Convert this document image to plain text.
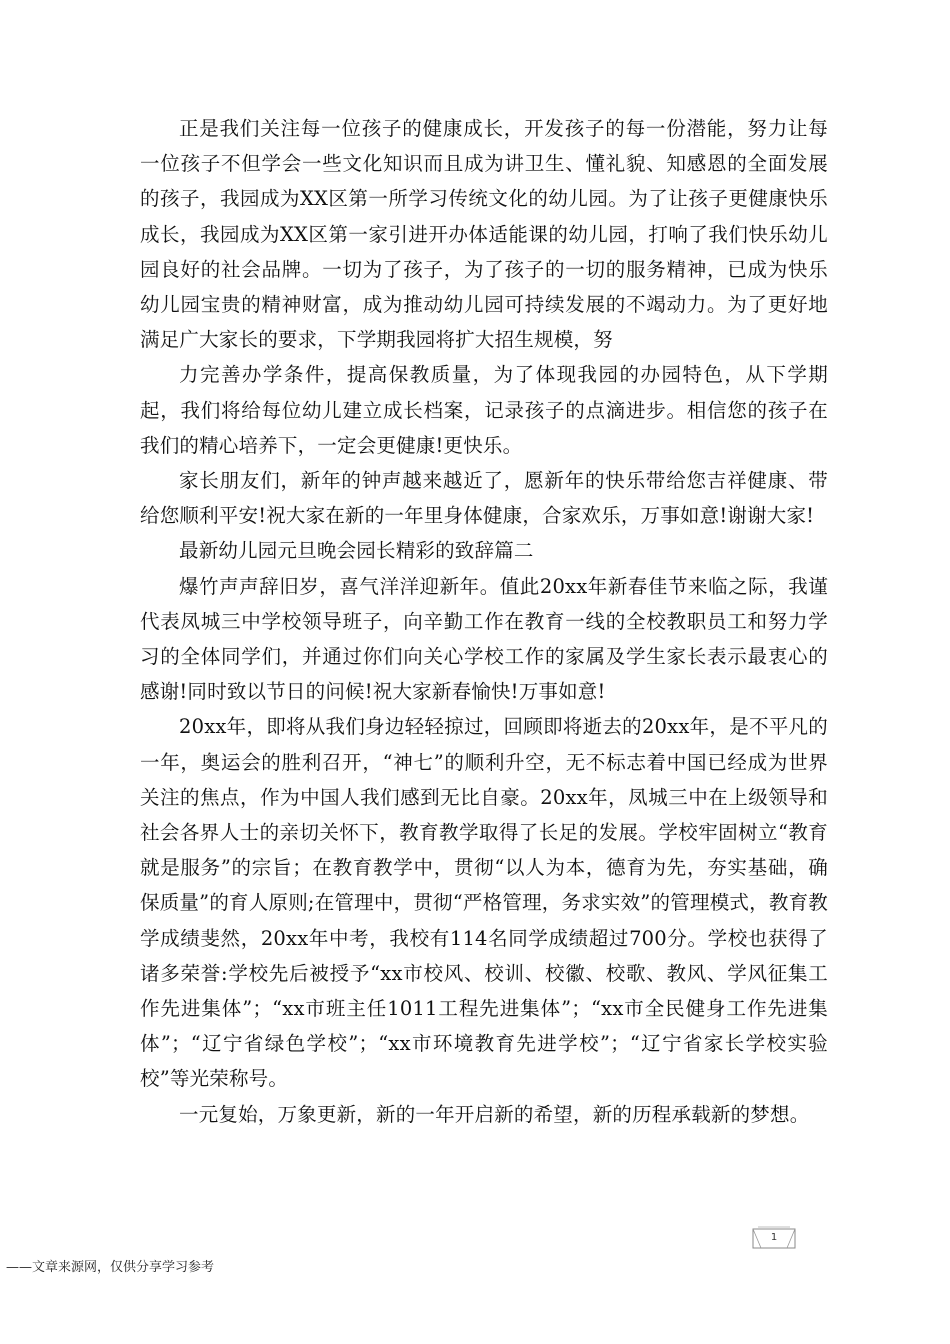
正是我们关注每一位孩子的健康成长，开发孩子的每一份潜能，努力让每一位孩子不但学会一些文化知识而且成为讲卫生、懂礼貌、知感恩的全面发展的孩子，我园成为XX区第一所学习传统文化的幼儿园。为了让孩子更健康快乐成长，我园成为XX区第一家引进开办体适能课的幼儿园，打响了我们快乐幼儿园良好的社会品牌。一切为了孩子，为了孩子的一切的服务精神，已成为快乐幼儿园宝贵的精神财富，成为推动幼儿园可持续发展的不竭动力。为了更好地满足广大家长的要求，下学期我园将扩大招生规模，努

力完善办学条件，提高保教质量，为了体现我园的办园特色，从下学期起，我们将给每位幼儿建立成长档案，记录孩子的点滴进步。相信您的孩子在我们的精心培养下，一定会更健康!更快乐。

家长朋友们，新年的钟声越来越近了，愿新年的快乐带给您吉祥健康、带给您顺利平安!祝大家在新的一年里身体健康，合家欢乐，万事如意!谢谢大家!

最新幼儿园元旦晚会园长精彩的致辞篇二

爆竹声声辞旧岁，喜气洋洋迎新年。值此20xx年新春佳节来临之际，我谨代表凤城三中学校领导班子，向辛勤工作在教育一线的全校教职员工和努力学习的全体同学们，并通过你们向关心学校工作的家属及学生家长表示最衷心的感谢!同时致以节日的问候!祝大家新春愉快!万事如意!

20xx年，即将从我们身边轻轻掠过，回顾即将逝去的20xx年，是不平凡的一年，奥运会的胜利召开，“神七”的顺利升空，无不标志着中国已经成为世界关注的焦点，作为中国人我们感到无比自豪。20xx年，凤城三中在上级领导和社会各界人士的亲切关怀下，教育教学取得了长足的发展。学校牢固树立“教育就是服务”的宗旨；在教育教学中，贯彻“以人为本，德育为先，夯实基础，确保质量”的育人原则;在管理中，贯彻“严格管理，务求实效”的管理模式，教育教学成绩斐然，20xx年中考，我校有114名同学成绩超过700分。学校也获得了诸多荣誉:学校先后被授予“xx市校风、校训、校徽、校歌、教风、学风征集工作先进集体”；“xx市班主任1011工程先进集体”；“xx市全民健身工作先进集体”；“辽宁省绿色学校”；“xx市环境教育先进学校”；“辽宁省家长学校实验校”等光荣称号。

一元复始，万象更新，新的一年开启新的希望，新的历程承载新的梦想。

1
——文章来源网，仅供分享学习参考
